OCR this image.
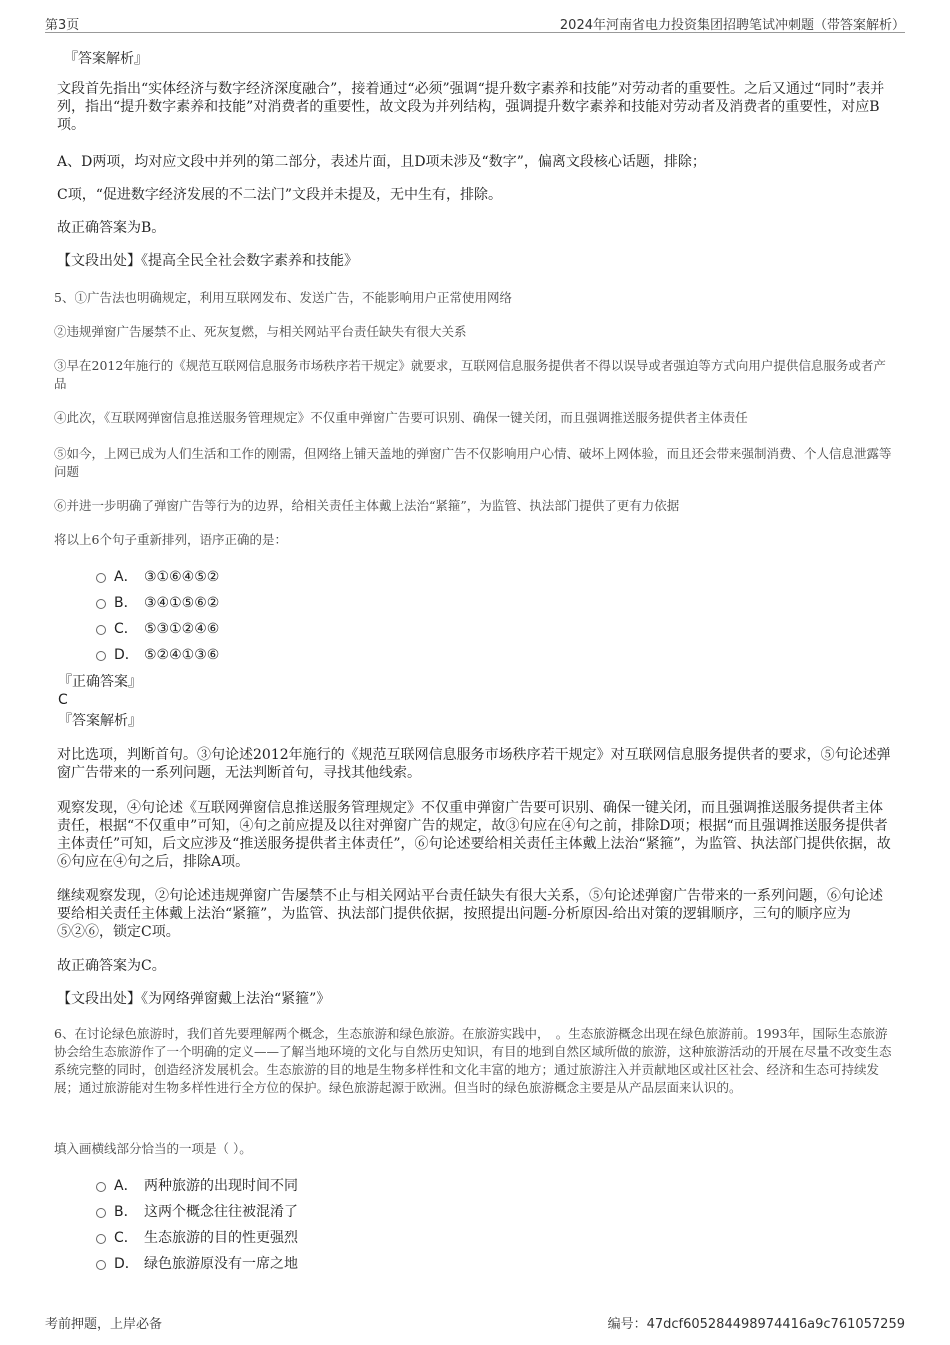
第3页	2024年河南省电力投资集团招聘笔试冲刺题（带答案解析）
『答案解析』
文段首先指出“实体经济与数字经济深度融合”，接着通过“必须”强调“提升数字素养和技能”对劳动者的重要性。之后又通过“同时”表并列，指出“提升数字素养和技能”对消费者的重要性，故文段为并列结构，强调提升数字素养和技能对劳动者及消费者的重要性，对应B项。
A、D两项，均对应文段中并列的第二部分，表述片面，且D项未涉及“数字”，偏离文段核心话题，排除；
C项，“促进数字经济发展的不二法门”文段并未提及，无中生有，排除。
故正确答案为B。
【文段出处】《提高全民全社会数字素养和技能》
5、①广告法也明确规定，利用互联网发布、发送广告，不能影响用户正常使用网络
②违规弹窗广告屡禁不止、死灰复燃，与相关网站平台责任缺失有很大关系
③早在2012年施行的《规范互联网信息服务市场秩序若干规定》就要求，互联网信息服务提供者不得以误导或者强迫等方式向用户提供信息服务或者产品
④此次，《互联网弹窗信息推送服务管理规定》不仅重申弹窗广告要可识别、确保一键关闭，而且强调推送服务提供者主体责任
⑤如今，上网已成为人们生活和工作的刚需，但网络上铺天盖地的弹窗广告不仅影响用户心情、破坏上网体验，而且还会带来强制消费、个人信息泄露等问题
⑥并进一步明确了弹窗广告等行为的边界，给相关责任主体戴上法治“紧箍”，为监管、执法部门提供了更有力依据
将以上6个句子重新排列，语序正确的是：
A． ③①⑥④⑤②
B． ③④①⑤⑥②
C． ⑤③①②④⑥
D． ⑤②④①③⑥
『正确答案』
C
『答案解析』
对比选项，判断首句。③句论述2012年施行的《规范互联网信息服务市场秩序若干规定》对互联网信息服务提供者的要求，⑤句论述弹窗广告带来的一系列问题，无法判断首句，寻找其他线索。
观察发现，④句论述《互联网弹窗信息推送服务管理规定》不仅重申弹窗广告要可识别、确保一键关闭，而且强调推送服务提供者主体责任，根据“不仅重申”可知，④句之前应提及以往对弹窗广告的规定，故③句应在④句之前，排除D项；根据“而且强调推送服务提供者主体责任”可知，后文应涉及“推送服务提供者主体责任”，⑥句论述要给相关责任主体戴上法治“紧箍”，为监管、执法部门提供依据，故⑥句应在④句之后，排除A项。
继续观察发现，②句论述违规弹窗广告屡禁不止与相关网站平台责任缺失有很大关系，⑤句论述弹窗广告带来的一系列问题，⑥句论述要给相关责任主体戴上法治“紧箍”，为监管、执法部门提供依据，按照提出问题-分析原因-给出对策的逻辑顺序，三句的顺序应为⑤②⑥，锁定C项。
故正确答案为C。
【文段出处】《为网络弹窗戴上法治“紧箍”》
6、在讨论绿色旅游时，我们首先要理解两个概念，生态旅游和绿色旅游。在旅游实践中，　。生态旅游概念出现在绿色旅游前。1993年，国际生态旅游协会给生态旅游作了一个明确的定义——了解当地环境的文化与自然历史知识，有目的地到自然区域所做的旅游，这种旅游活动的开展在尽量不改变生态系统完整的同时，创造经济发展机会。生态旅游的目的地是生物多样性和文化丰富的地方；通过旅游注入并贡献地区或社区社会、经济和生态可持续发展；通过旅游能对生物多样性进行全方位的保护。绿色旅游起源于欧洲。但当时的绿色旅游概念主要是从产品层面来认识的。
填入画横线部分恰当的一项是（ ）。
A． 两种旅游的出现时间不同
B． 这两个概念往往被混淆了
C． 生态旅游的目的性更强烈
D． 绿色旅游原没有一席之地
考前押题，上岸必备	编号：47dcf605284498974416a9c761057259
